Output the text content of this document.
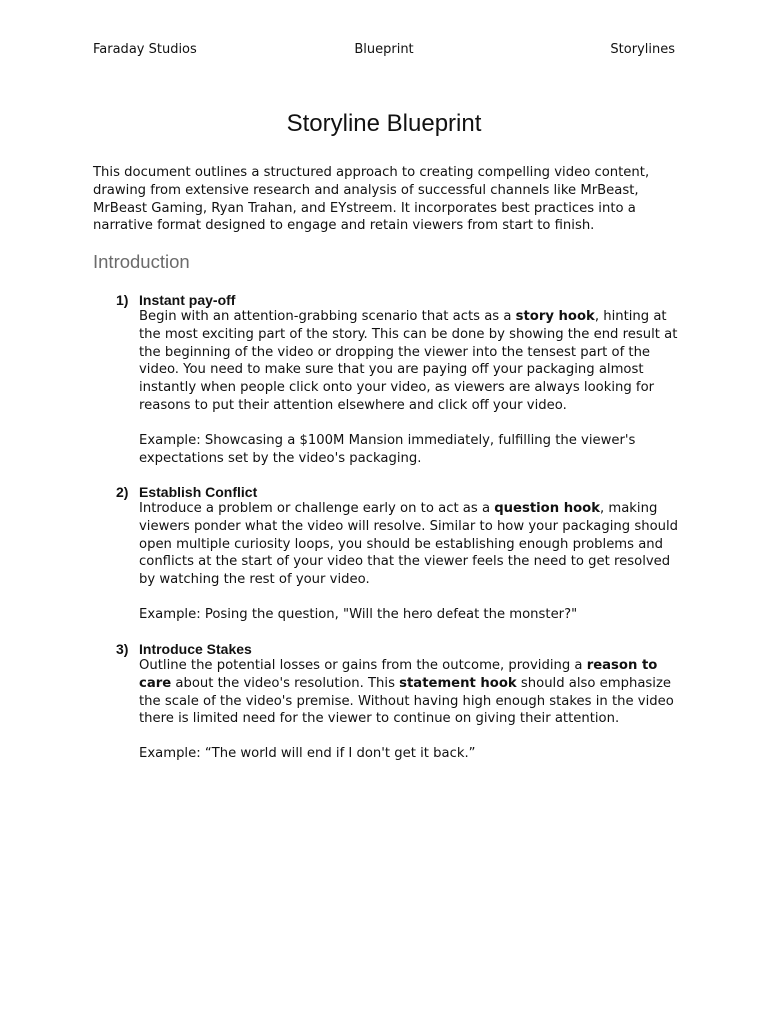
Faraday Studios	Blueprint	Storylines
Storyline Blueprint

This document outlines a structured approach to creating compelling video content, drawing from extensive research and analysis of successful channels like MrBeast, MrBeast Gaming, Ryan Trahan, and EYstreem. It incorporates best practices into a narrative format designed to engage and retain viewers from start to finish.

Introduction
1) Instant pay-off

Begin with an attention-grabbing scenario that acts as a story hook, hinting at the most exciting part of the story. This can be done by showing the end result at the beginning of the video or dropping the viewer into the tensest part of the video. You need to make sure that you are paying off your packaging almost instantly when people click onto your video, as viewers are always looking for reasons to put their attention elsewhere and click off your video.

Example: Showcasing a $100M Mansion immediately, fulfilling the viewer's expectations set by the video's packaging.

2) Establish Conflict

Introduce a problem or challenge early on to act as a question hook, making viewers ponder what the video will resolve. Similar to how your packaging should open multiple curiosity loops, you should be establishing enough problems and conflicts at the start of your video that the viewer feels the need to get resolved by watching the rest of your video.

Example: Posing the question, "Will the hero defeat the monster?"

3) Introduce Stakes

Outline the potential losses or gains from the outcome, providing a reason to care about the video's resolution. This statement hook should also emphasize the scale of the video's premise. Without having high enough stakes in the video there is limited need for the viewer to continue on giving their attention.

Example: “The world will end if I don't get it back.”
